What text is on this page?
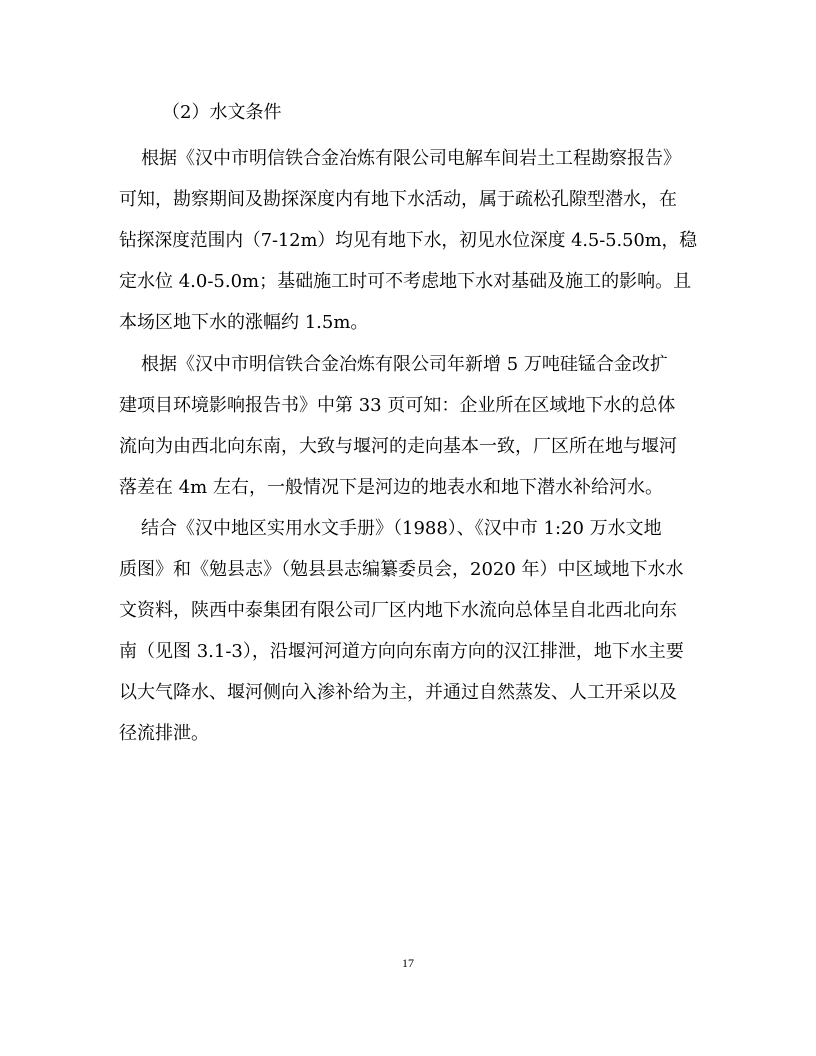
（2）水文条件
根据《汉中市明信铁合金冶炼有限公司电解车间岩土工程勘察报告》
可知，勘察期间及勘探深度内有地下水活动，属于疏松孔隙型潜水，在
钻探深度范围内（7-12m）均见有地下水，初见水位深度 4.5-5.50m，稳
定水位 4.0-5.0m；基础施工时可不考虑地下水对基础及施工的影响。且
本场区地下水的涨幅约 1.5m。
根据《汉中市明信铁合金冶炼有限公司年新增 5 万吨硅锰合金改扩
建项目环境影响报告书》中第 33 页可知：企业所在区域地下水的总体
流向为由西北向东南，大致与堰河的走向基本一致，厂区所在地与堰河
落差在 4m 左右，一般情况下是河边的地表水和地下潜水补给河水。
结合《汉中地区实用水文手册》（1988）、《汉中市 1:20 万水文地
质图》和《勉县志》（勉县县志编纂委员会，2020 年）中区域地下水水
文资料，陕西中泰集团有限公司厂区内地下水流向总体呈自北西北向东
南（见图 3.1-3），沿堰河河道方向向东南方向的汉江排泄，地下水主要
以大气降水、堰河侧向入渗补给为主，并通过自然蒸发、人工开采以及
径流排泄。
17
